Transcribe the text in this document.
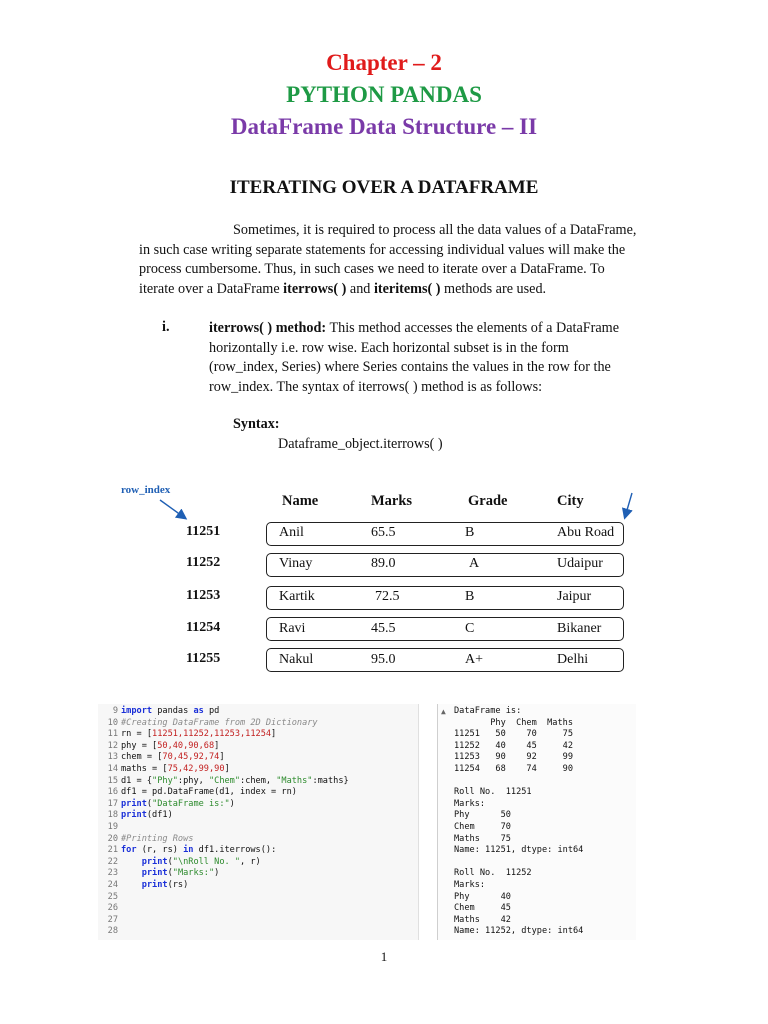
Chapter – 2
PYTHON PANDAS
DataFrame Data Structure – II
ITERATING OVER A DATAFRAME
Sometimes, it is required to process all the data values of a DataFrame,
in such case writing separate statements for accessing individual values will make the
process cumbersome. Thus, in such cases we need to iterate over a DataFrame. To
iterate over a DataFrame iterrows( ) and iteritems( ) methods are used.
i.	iterrows( ) method: This method accesses the elements of a DataFrame
horizontally i.e. row wise. Each horizontal subset is in the form
(row_index, Series) where Series contains the values in the row for the
row_index. The syntax of iterrows( ) method is as follows:
Syntax:
Dataframe_object.iterrows( )
row_index
Name	Marks	Grade	City
11251	Anil	65.5	B	Abu Road
11252	Vinay	89.0	A	Udaipur
11253	Kartik	72.5	B	Jaipur
11254	Ravi	45.5	C	Bikaner
11255	Nakul	95.0	A+	Delhi
9
10
11
12
13
14
15
16
17
18
19
20
21
22
23
24
25
26
27
28
import pandas as pd
#Creating DataFrame from 2D Dictionary
rn = [11251,11252,11253,11254]
phy = [50,40,90,68]
chem = [70,45,92,74]
maths = [75,42,99,90]
d1 = {"Phy":phy, "Chem":chem, "Maths":maths}
df1 = pd.DataFrame(d1, index = rn)
print("DataFrame is:")
print(df1)
#Printing Rows
for (r, rs) in df1.iterrows():
print("\nRoll No. ", r)
print("Marks:")
print(rs)
▲ DataFrame is:
Phy  Chem  Maths
11251   50    70     75
11252   40    45     42
11253   90    92     99
11254   68    74     90
Roll No.  11251
Marks:
Phy      50
Chem     70
Maths    75
Name: 11251, dtype: int64
Roll No.  11252
Marks:
Phy      40
Chem     45
Maths    42
Name: 11252, dtype: int64
1
